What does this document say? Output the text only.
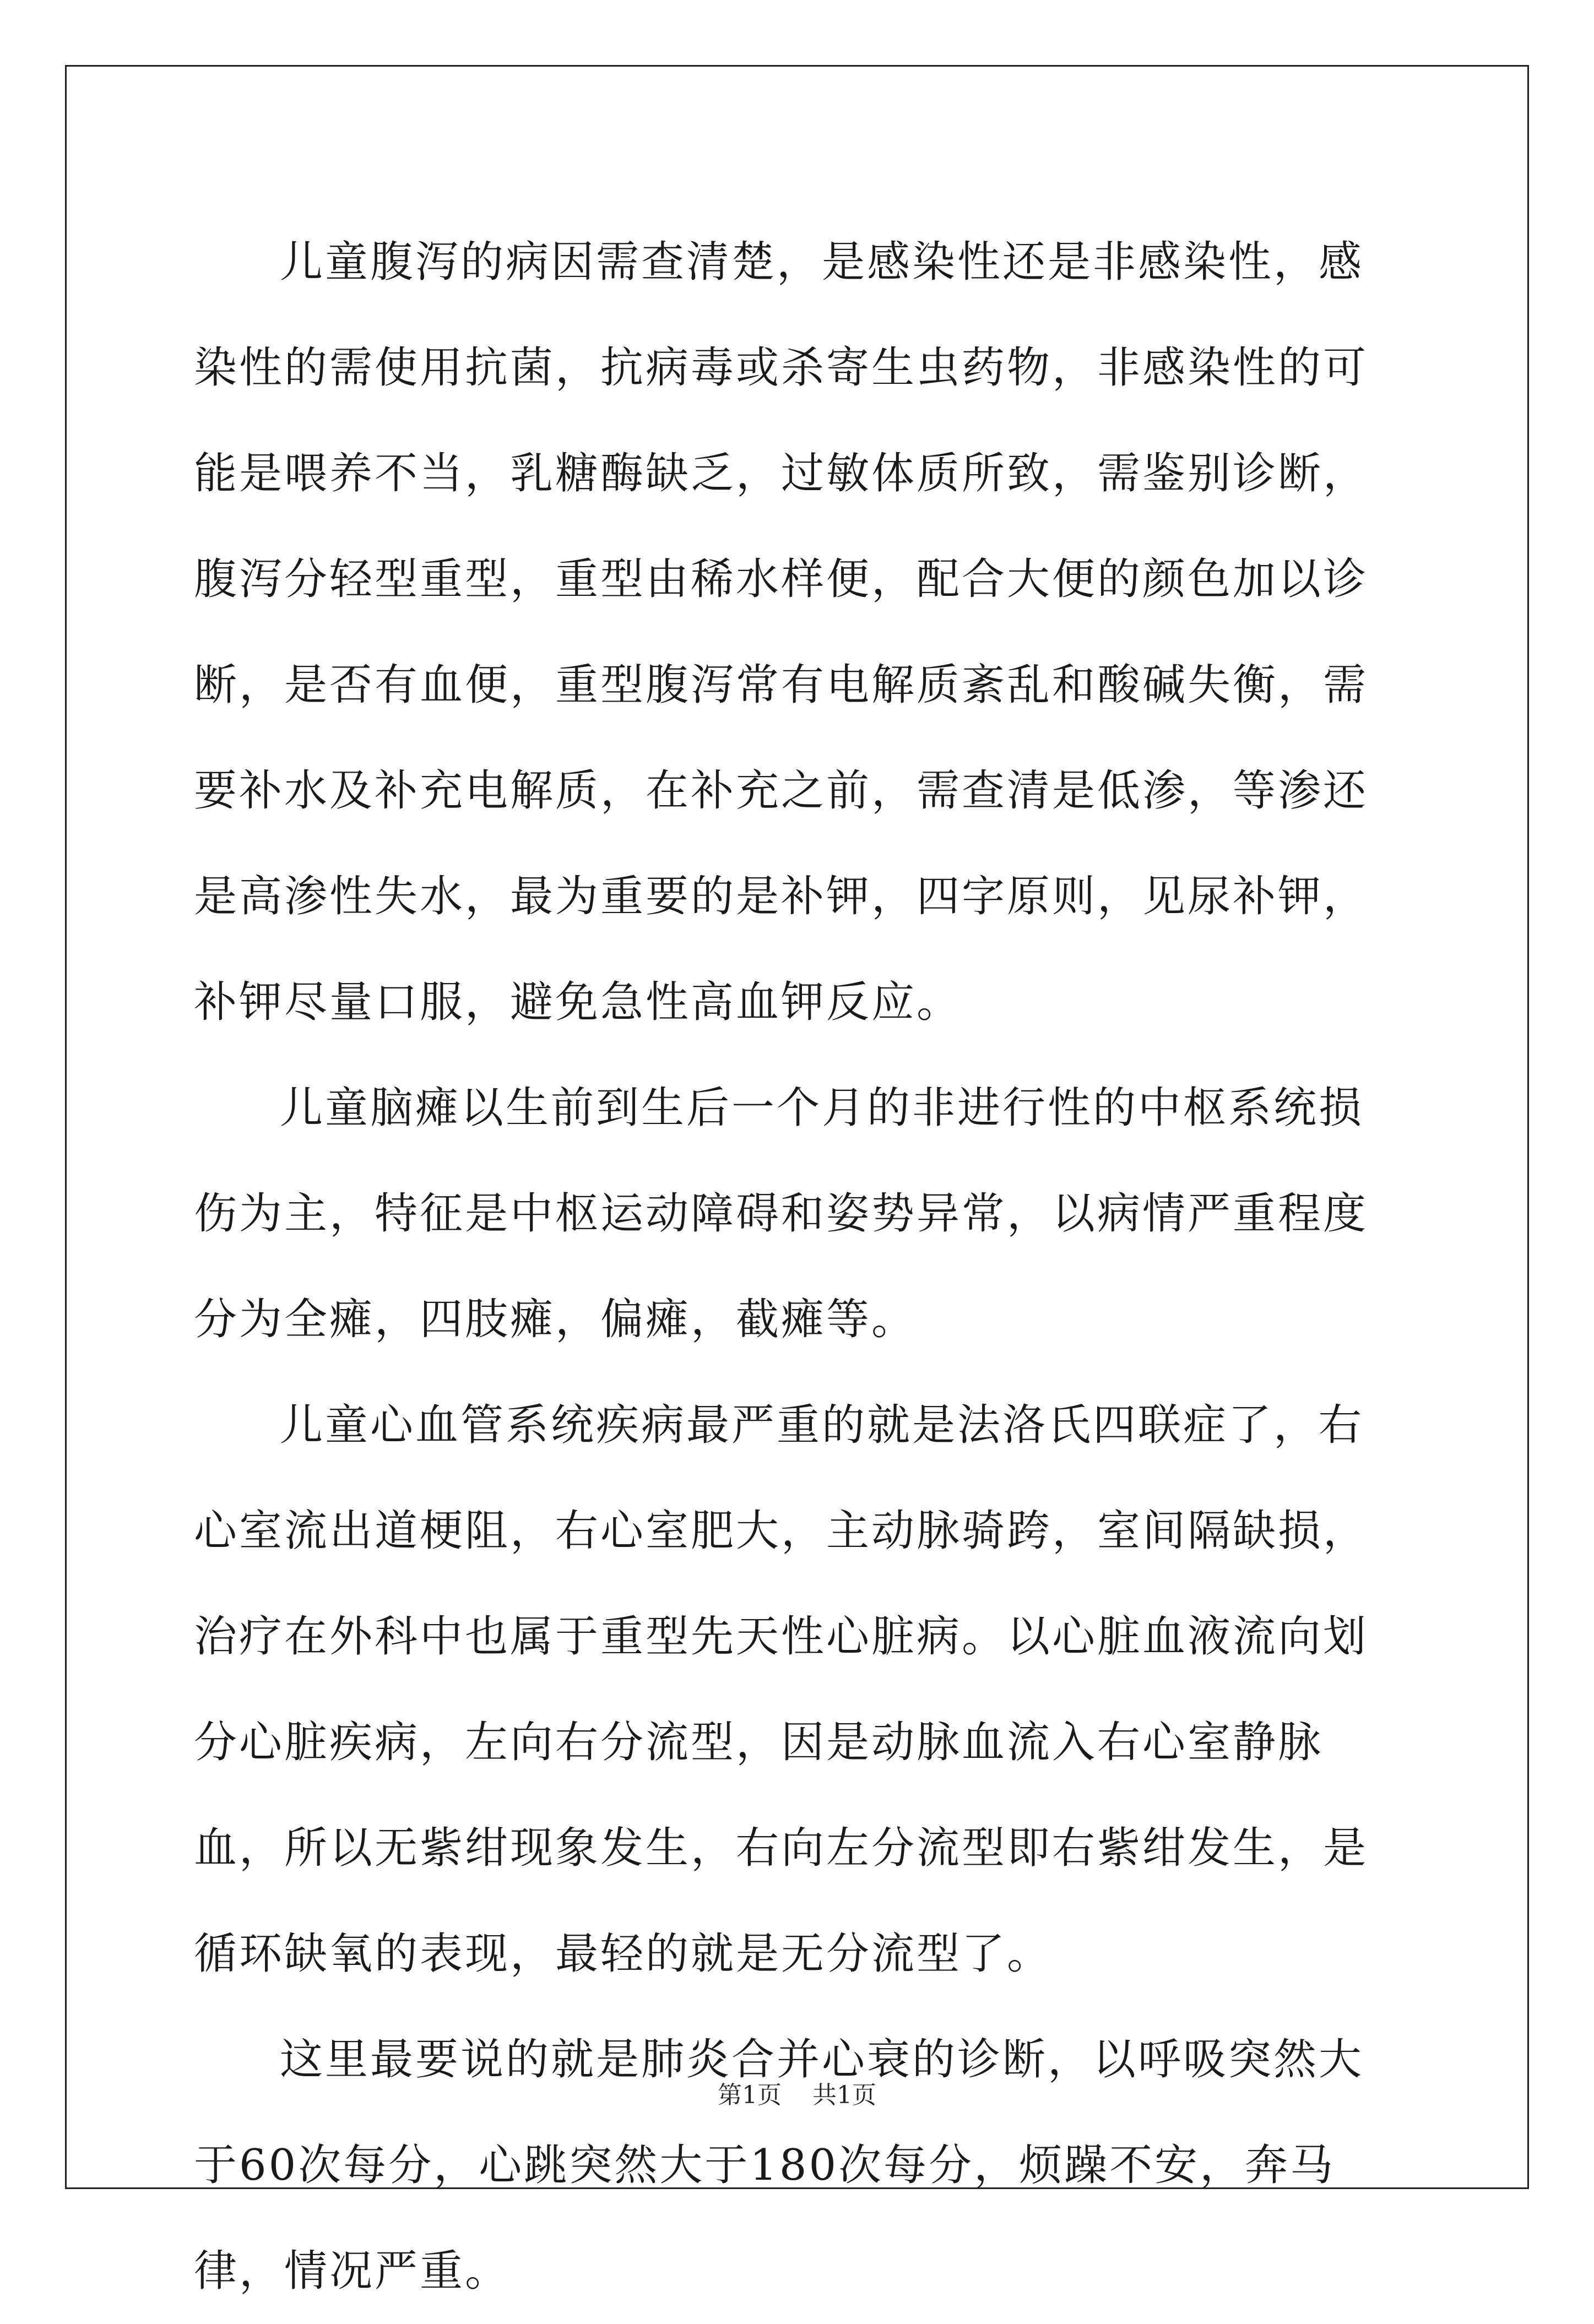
儿童腹泻的病因需查清楚，是感染性还是非感染性，感染性的需使用抗菌，抗病毒或杀寄生虫药物，非感染性的可能是喂养不当，乳糖酶缺乏，过敏体质所致，需鉴别诊断，腹泻分轻型重型，重型由稀水样便，配合大便的颜色加以诊断，是否有血便，重型腹泻常有电解质紊乱和酸碱失衡，需要补水及补充电解质，在补充之前，需查清是低渗，等渗还是高渗性失水，最为重要的是补钾，四字原则，见尿补钾，补钾尽量口服，避免急性高血钾反应。

儿童脑瘫以生前到生后一个月的非进行性的中枢系统损伤为主，特征是中枢运动障碍和姿势异常，以病情严重程度分为全瘫，四肢瘫，偏瘫，截瘫等。

儿童心血管系统疾病最严重的就是法洛氏四联症了，右心室流出道梗阻，右心室肥大，主动脉骑跨，室间隔缺损，治疗在外科中也属于重型先天性心脏病。以心脏血液流向划分心脏疾病，左向右分流型，因是动脉血流入右心室静脉血，所以无紫绀现象发生，右向左分流型即右紫绀发生，是循环缺氧的表现，最轻的就是无分流型了。

这里最要说的就是肺炎合并心衰的诊断，以呼吸突然大于60次每分，心跳突然大于180次每分，烦躁不安，奔马律，情况严重。

第1页 共1页
